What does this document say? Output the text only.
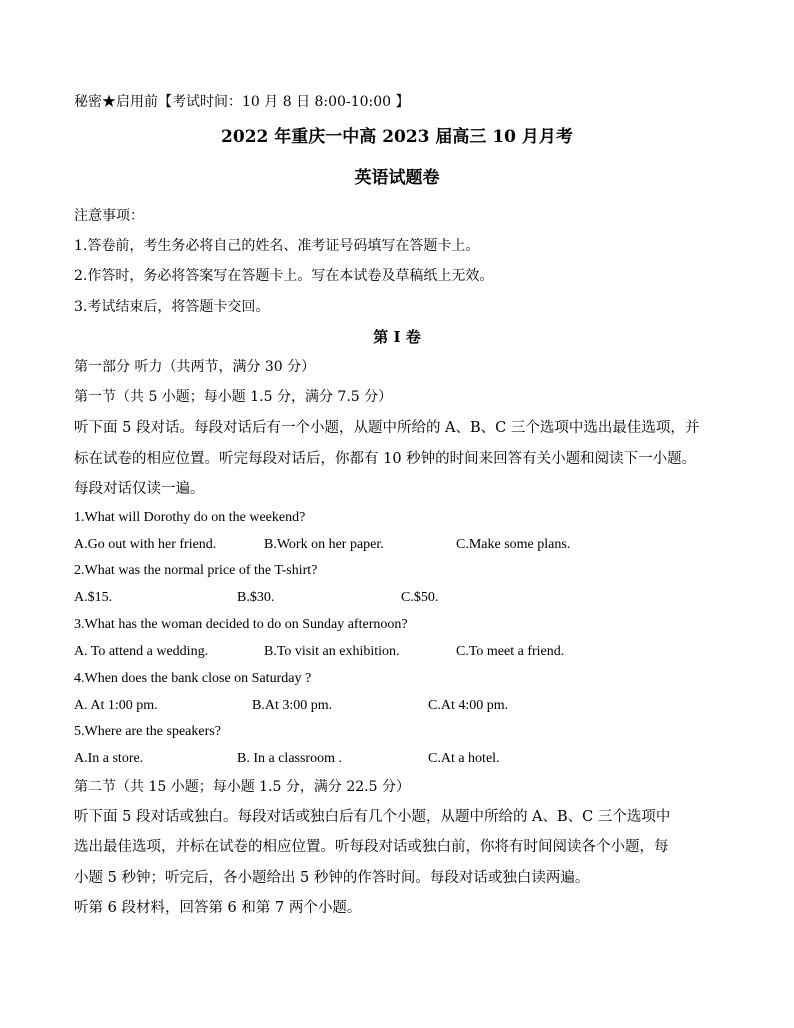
秘密★启用前【考试时间：10 月 8 日 8:00-10:00 】
2022 年重庆一中高 2023 届高三 10 月月考
英语试题卷
注意事项：
1.答卷前，考生务必将自己的姓名、准考证号码填写在答题卡上。
2.作答时，务必将答案写在答题卡上。写在本试卷及草稿纸上无效。
3.考试结束后，将答题卡交回。
第 I 卷
第一部分 听力（共两节，满分 30 分）
第一节（共 5 小题；每小题 1.5 分，满分 7.5 分）
听下面 5 段对话。每段对话后有一个小题，从题中所给的 A、B、C 三个选项中选出最佳选项，并
标在试卷的相应位置。听完每段对话后，你都有 10 秒钟的时间来回答有关小题和阅读下一小题。
每段对话仅读一遍。
1.What will Dorothy do on the weekend?
A.Go out with her friend.	B.Work on her paper.	C.Make some plans.
2.What was the normal price of the T-shirt?
A.$15.	B.$30.	C.$50.
3.What has the woman decided to do on Sunday afternoon?
A. To attend a wedding.	B.To visit an exhibition.	C.To meet a friend.
4.When does the bank close on Saturday ?
A. At 1:00 pm.	B.At 3:00 pm.	C.At 4:00 pm.
5.Where are the speakers?
A.In a store.	B. In a classroom .	C.At a hotel.
第二节（共 15 小题；每小题 1.5 分，满分 22.5 分）
听下面 5 段对话或独白。每段对话或独白后有几个小题，从题中所给的 A、B、C 三个选项中
选出最佳选项，并标在试卷的相应位置。听每段对话或独白前，你将有时间阅读各个小题，每
小题 5 秒钟；听完后，各小题给出 5 秒钟的作答时间。每段对话或独白读两遍。
听第 6 段材料，回答第 6 和第 7 两个小题。
